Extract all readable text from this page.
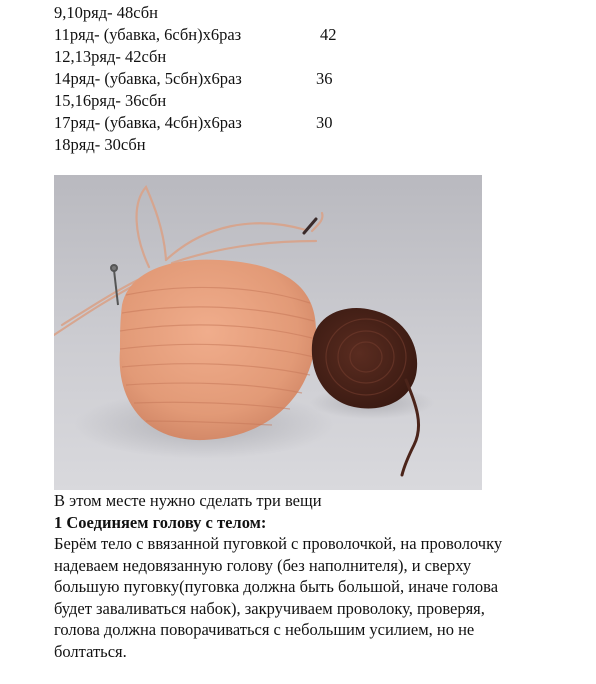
9,10ряд- 48сбн
11ряд- (убавка, 6сбн)х6раз	42
12,13ряд- 42сбн
14ряд- (убавка, 5сбн)х6раз	36
15,16ряд- 36сбн
17ряд- (убавка, 4сбн)х6раз	30
18ряд- 30сбн

В этом месте нужно сделать три вещи

1 Соединяем голову с телом:

Берём тело с ввязанной пуговкой с проволочкой, на проволочку

надеваем недовязанную голову (без наполнителя), и сверху

большую пуговку(пуговка должна быть большой, иначе голова

будет заваливаться набок), закручиваем проволоку, проверяя,

голова должна поворачиваться с небольшим усилием, но не

болтаться.
